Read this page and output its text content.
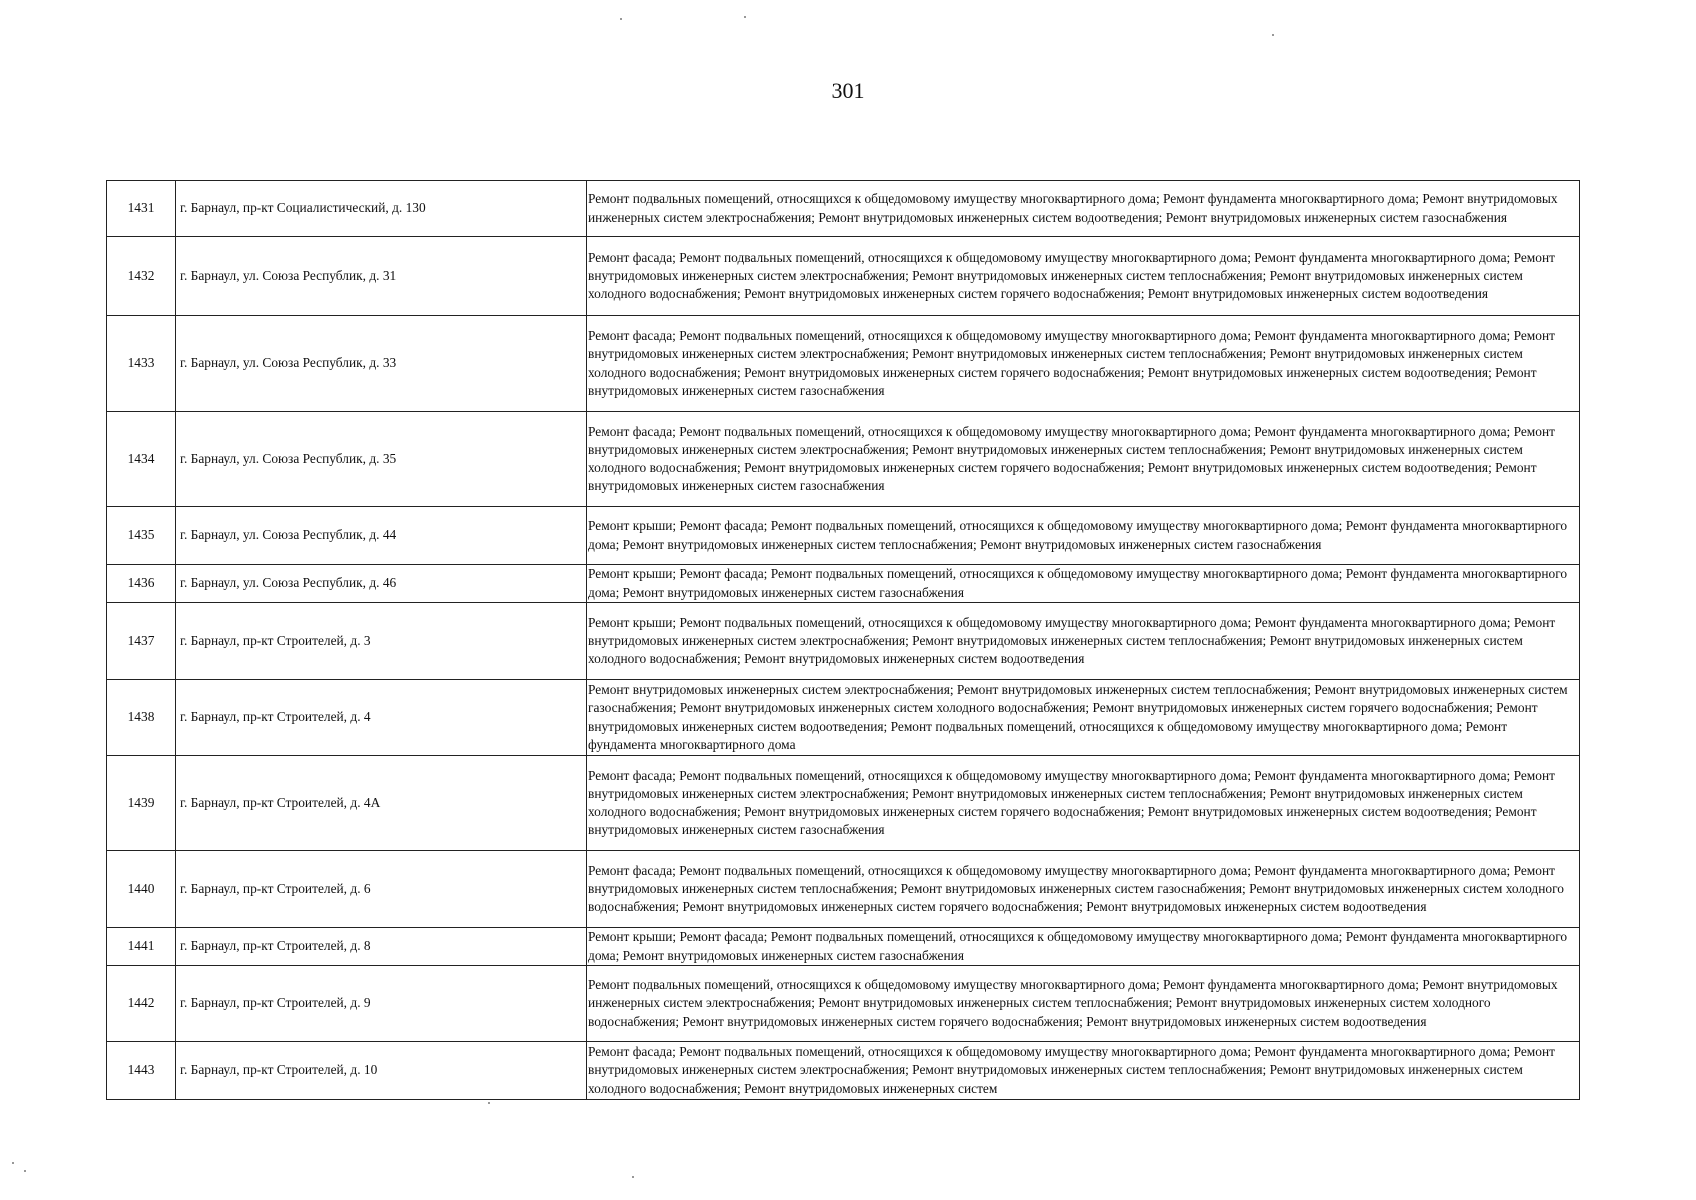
301
1431	г. Барнаул, пр-кт Социалистический, д. 130	Ремонт подвальных помещений, относящихся к общедомовому имуществу многоквартирного дома; Ремонт фундамента многоквартирного дома; Ремонт внутридомовых инженерных систем электроснабжения; Ремонт внутридомовых инженерных систем водоотведения; Ремонт внутридомовых инженерных систем газоснабжения
1432	г. Барнаул, ул. Союза Республик, д. 31	Ремонт фасада; Ремонт подвальных помещений, относящихся к общедомовому имуществу многоквартирного дома; Ремонт фундамента многоквартирного дома; Ремонт внутридомовых инженерных систем электроснабжения; Ремонт внутридомовых инженерных систем теплоснабжения; Ремонт внутридомовых инженерных систем холодного водоснабжения; Ремонт внутридомовых инженерных систем горячего водоснабжения; Ремонт внутридомовых инженерных систем водоотведения
1433	г. Барнаул, ул. Союза Республик, д. 33	Ремонт фасада; Ремонт подвальных помещений, относящихся к общедомовому имуществу многоквартирного дома; Ремонт фундамента многоквартирного дома; Ремонт внутридомовых инженерных систем электроснабжения; Ремонт внутридомовых инженерных систем теплоснабжения; Ремонт внутридомовых инженерных систем холодного водоснабжения; Ремонт внутридомовых инженерных систем горячего водоснабжения; Ремонт внутридомовых инженерных систем водоотведения; Ремонт внутридомовых инженерных систем газоснабжения
1434	г. Барнаул, ул. Союза Республик, д. 35	Ремонт фасада; Ремонт подвальных помещений, относящихся к общедомовому имуществу многоквартирного дома; Ремонт фундамента многоквартирного дома; Ремонт внутридомовых инженерных систем электроснабжения; Ремонт внутридомовых инженерных систем теплоснабжения; Ремонт внутридомовых инженерных систем холодного водоснабжения; Ремонт внутридомовых инженерных систем горячего водоснабжения; Ремонт внутридомовых инженерных систем водоотведения; Ремонт внутридомовых инженерных систем газоснабжения
1435	г. Барнаул, ул. Союза Республик, д. 44	Ремонт крыши; Ремонт фасада; Ремонт подвальных помещений, относящихся к общедомовому имуществу многоквартирного дома; Ремонт фундамента многоквартирного дома; Ремонт внутридомовых инженерных систем теплоснабжения; Ремонт внутридомовых инженерных систем газоснабжения
1436	г. Барнаул, ул. Союза Республик, д. 46	Ремонт крыши; Ремонт фасада; Ремонт подвальных помещений, относящихся к общедомовому имуществу многоквартирного дома; Ремонт фундамента многоквартирного дома; Ремонт внутридомовых инженерных систем газоснабжения
1437	г. Барнаул, пр-кт Строителей, д. 3	Ремонт крыши; Ремонт подвальных помещений, относящихся к общедомовому имуществу многоквартирного дома; Ремонт фундамента многоквартирного дома; Ремонт внутридомовых инженерных систем электроснабжения; Ремонт внутридомовых инженерных систем теплоснабжения; Ремонт внутридомовых инженерных систем холодного водоснабжения; Ремонт внутридомовых инженерных систем водоотведения
1438	г. Барнаул, пр-кт Строителей, д. 4	Ремонт внутридомовых инженерных систем электроснабжения; Ремонт внутридомовых инженерных систем теплоснабжения; Ремонт внутридомовых инженерных систем газоснабжения; Ремонт внутридомовых инженерных систем холодного водоснабжения; Ремонт внутридомовых инженерных систем горячего водоснабжения; Ремонт внутридомовых инженерных систем водоотведения; Ремонт подвальных помещений, относящихся к общедомовому имуществу многоквартирного дома; Ремонт фундамента многоквартирного дома
1439	г. Барнаул, пр-кт Строителей, д. 4А	Ремонт фасада; Ремонт подвальных помещений, относящихся к общедомовому имуществу многоквартирного дома; Ремонт фундамента многоквартирного дома; Ремонт внутридомовых инженерных систем электроснабжения; Ремонт внутридомовых инженерных систем теплоснабжения; Ремонт внутридомовых инженерных систем холодного водоснабжения; Ремонт внутридомовых инженерных систем горячего водоснабжения; Ремонт внутридомовых инженерных систем водоотведения; Ремонт внутридомовых инженерных систем газоснабжения
1440	г. Барнаул, пр-кт Строителей, д. 6	Ремонт фасада; Ремонт подвальных помещений, относящихся к общедомовому имуществу многоквартирного дома; Ремонт фундамента многоквартирного дома; Ремонт внутридомовых инженерных систем теплоснабжения; Ремонт внутридомовых инженерных систем газоснабжения; Ремонт внутридомовых инженерных систем холодного водоснабжения; Ремонт внутридомовых инженерных систем горячего водоснабжения; Ремонт внутридомовых инженерных систем водоотведения
1441	г. Барнаул, пр-кт Строителей, д. 8	Ремонт крыши; Ремонт фасада; Ремонт подвальных помещений, относящихся к общедомовому имуществу многоквартирного дома; Ремонт фундамента многоквартирного дома; Ремонт внутридомовых инженерных систем газоснабжения
1442	г. Барнаул, пр-кт Строителей, д. 9	Ремонт подвальных помещений, относящихся к общедомовому имуществу многоквартирного дома; Ремонт фундамента многоквартирного дома; Ремонт внутридомовых инженерных систем электроснабжения; Ремонт внутридомовых инженерных систем теплоснабжения; Ремонт внутридомовых инженерных систем холодного водоснабжения; Ремонт внутридомовых инженерных систем горячего водоснабжения; Ремонт внутридомовых инженерных систем водоотведения
1443	г. Барнаул, пр-кт Строителей, д. 10	Ремонт фасада; Ремонт подвальных помещений, относящихся к общедомовому имуществу многоквартирного дома; Ремонт фундамента многоквартирного дома; Ремонт внутридомовых инженерных систем электроснабжения; Ремонт внутридомовых инженерных систем теплоснабжения; Ремонт внутридомовых инженерных систем холодного водоснабжения; Ремонт внутридомовых инженерных систем
